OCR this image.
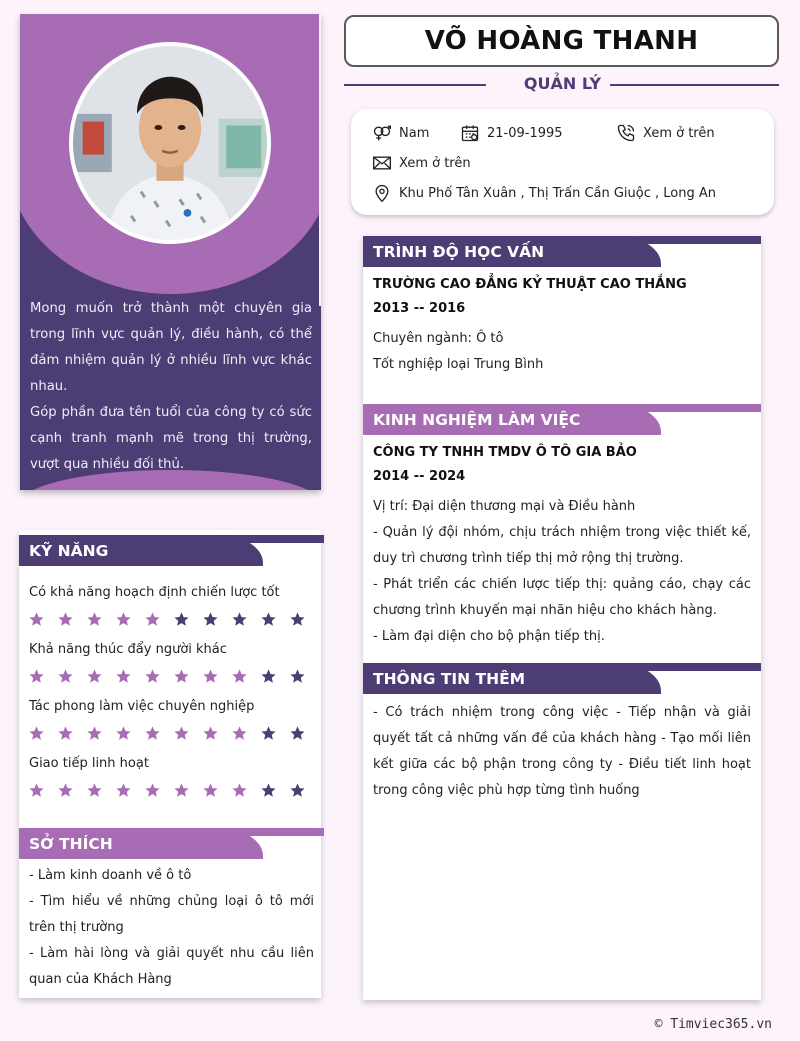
Mong muốn trở thành một chuyên gia trong lĩnh vực quản lý, điều hành, có thể đảm nhiệm quản lý ở nhiều lĩnh vực khác nhau.

Góp phần đưa tên tuổi của công ty có sức cạnh tranh mạnh mẽ trong thị trường, vượt qua nhiều đối thủ.

VÕ HOÀNG THANH
QUẢN LÝ
Nam	21-09-1995	Xem ở trên
Xem ở trên
Khu Phố Tân Xuân , Thị Trấn Cần Giuộc , Long An
TRÌNH ĐỘ HỌC VẤN
TRƯỜNG CAO ĐẲNG KỶ THUẬT CAO THẮNG
2013 -- 2016
Chuyên ngành: Ô tô
Tốt nghiệp loại Trung Bình
KINH NGHIỆM LÀM VIỆC
CÔNG TY TNHH TMDV Ô TÔ GIA BẢO
2014 -- 2024
Vị trí: Đại diện thương mại và Điều hành
- Quản lý đội nhóm, chịu trách nhiệm trong việc thiết kế, duy trì chương trình tiếp thị mở rộng thị trường.
- Phát triển các chiến lược tiếp thị: quảng cáo, chạy các chương trình khuyến mại nhãn hiệu cho khách hàng.
- Làm đại diện cho bộ phận tiếp thị.
THÔNG TIN THÊM
- Có trách nhiệm trong công việc - Tiếp nhận và giải quyết tất cả những vấn đề của khách hàng - Tạo mối liên kết giữa các bộ phận trong công ty - Điều tiết linh hoạt trong công việc phù hợp từng tình huống
KỸ NĂNG
Có khả năng hoạch định chiến lược tốt
Khả năng thúc đẩy người khác
Tác phong làm việc chuyên nghiệp
Giao tiếp linh hoạt
SỞ THÍCH
- Làm kinh doanh về ô tô
- Tìm hiểu về những chủng loại ô tô mới trên thị trường
- Làm hài lòng và giải quyết nhu cầu liên quan của Khách Hàng
© Timviec365.vn
